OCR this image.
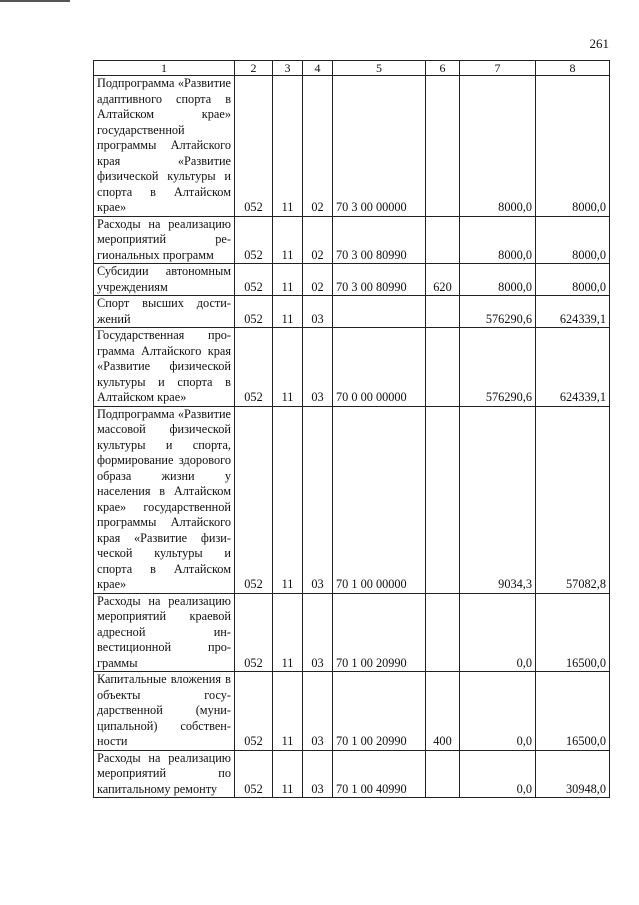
261
1	2	3	4	5	6	7	8
Подпрограмма «Развитие адаптивного спорта в Алтайском крае» государственной программы Алтайского края «Развитие физической культуры и спорта в Алтайском крае»	052	11	02	70 3 00 00000		8000,0	8000,0
Расходы на реализацию мероприятий региональных программ	052	11	02	70 3 00 80990		8000,0	8000,0
Субсидии автономным учреждениям	052	11	02	70 3 00 80990	620	8000,0	8000,0
Спорт высших достижений	052	11	03			576290,6	624339,1
Государственная программа Алтайского края «Развитие физической культуры и спорта в Алтайском крае»	052	11	03	70 0 00 00000		576290,6	624339,1
Подпрограмма «Развитие массовой физической культуры и спорта, формирование здорового образа жизни у населения в Алтайском крае» государственной программы Алтайского края «Развитие физической культуры и спорта в Алтайском крае»	052	11	03	70 1 00 00000		9034,3	57082,8
Расходы на реализацию мероприятий краевой адресной инвестиционной программы	052	11	03	70 1 00 20990		0,0	16500,0
Капитальные вложения в объекты государственной (муниципальной) собственности	052	11	03	70 1 00 20990	400	0,0	16500,0
Расходы на реализацию мероприятий по капитальному ремонту	052	11	03	70 1 00 40990		0,0	30948,0
